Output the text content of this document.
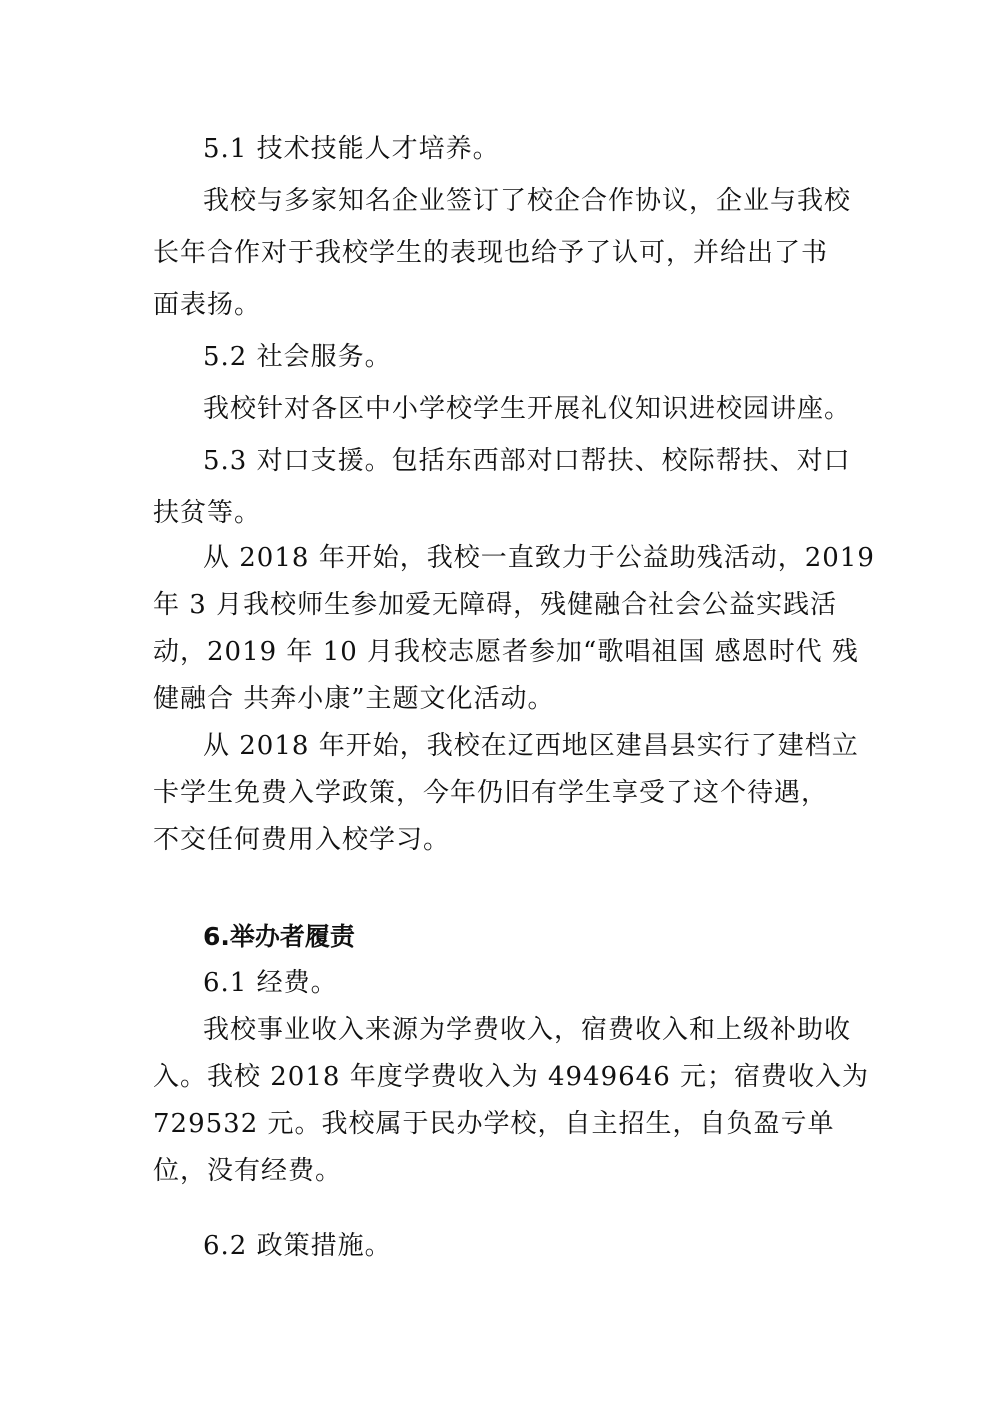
5.1 技术技能人才培养。
我校与多家知名企业签订了校企合作协议，企业与我校
长年合作对于我校学生的表现也给予了认可，并给出了书
面表扬。
5.2 社会服务。
我校针对各区中小学校学生开展礼仪知识进校园讲座。
5.3 对口支援。包括东西部对口帮扶、校际帮扶、对口
扶贫等。
从 2018 年开始，我校一直致力于公益助残活动，2019
年 3 月我校师生参加爱无障碍，残健融合社会公益实践活
动，2019 年 10 月我校志愿者参加“歌唱祖国 感恩时代 残
健融合 共奔小康”主题文化活动。
从 2018 年开始，我校在辽西地区建昌县实行了建档立
卡学生免费入学政策，今年仍旧有学生享受了这个待遇，
不交任何费用入校学习。
6.举办者履责
6.1 经费。
我校事业收入来源为学费收入，宿费收入和上级补助收
入。我校 2018 年度学费收入为 4949646 元；宿费收入为
729532 元。我校属于民办学校，自主招生，自负盈亏单
位，没有经费。
6.2 政策措施。
